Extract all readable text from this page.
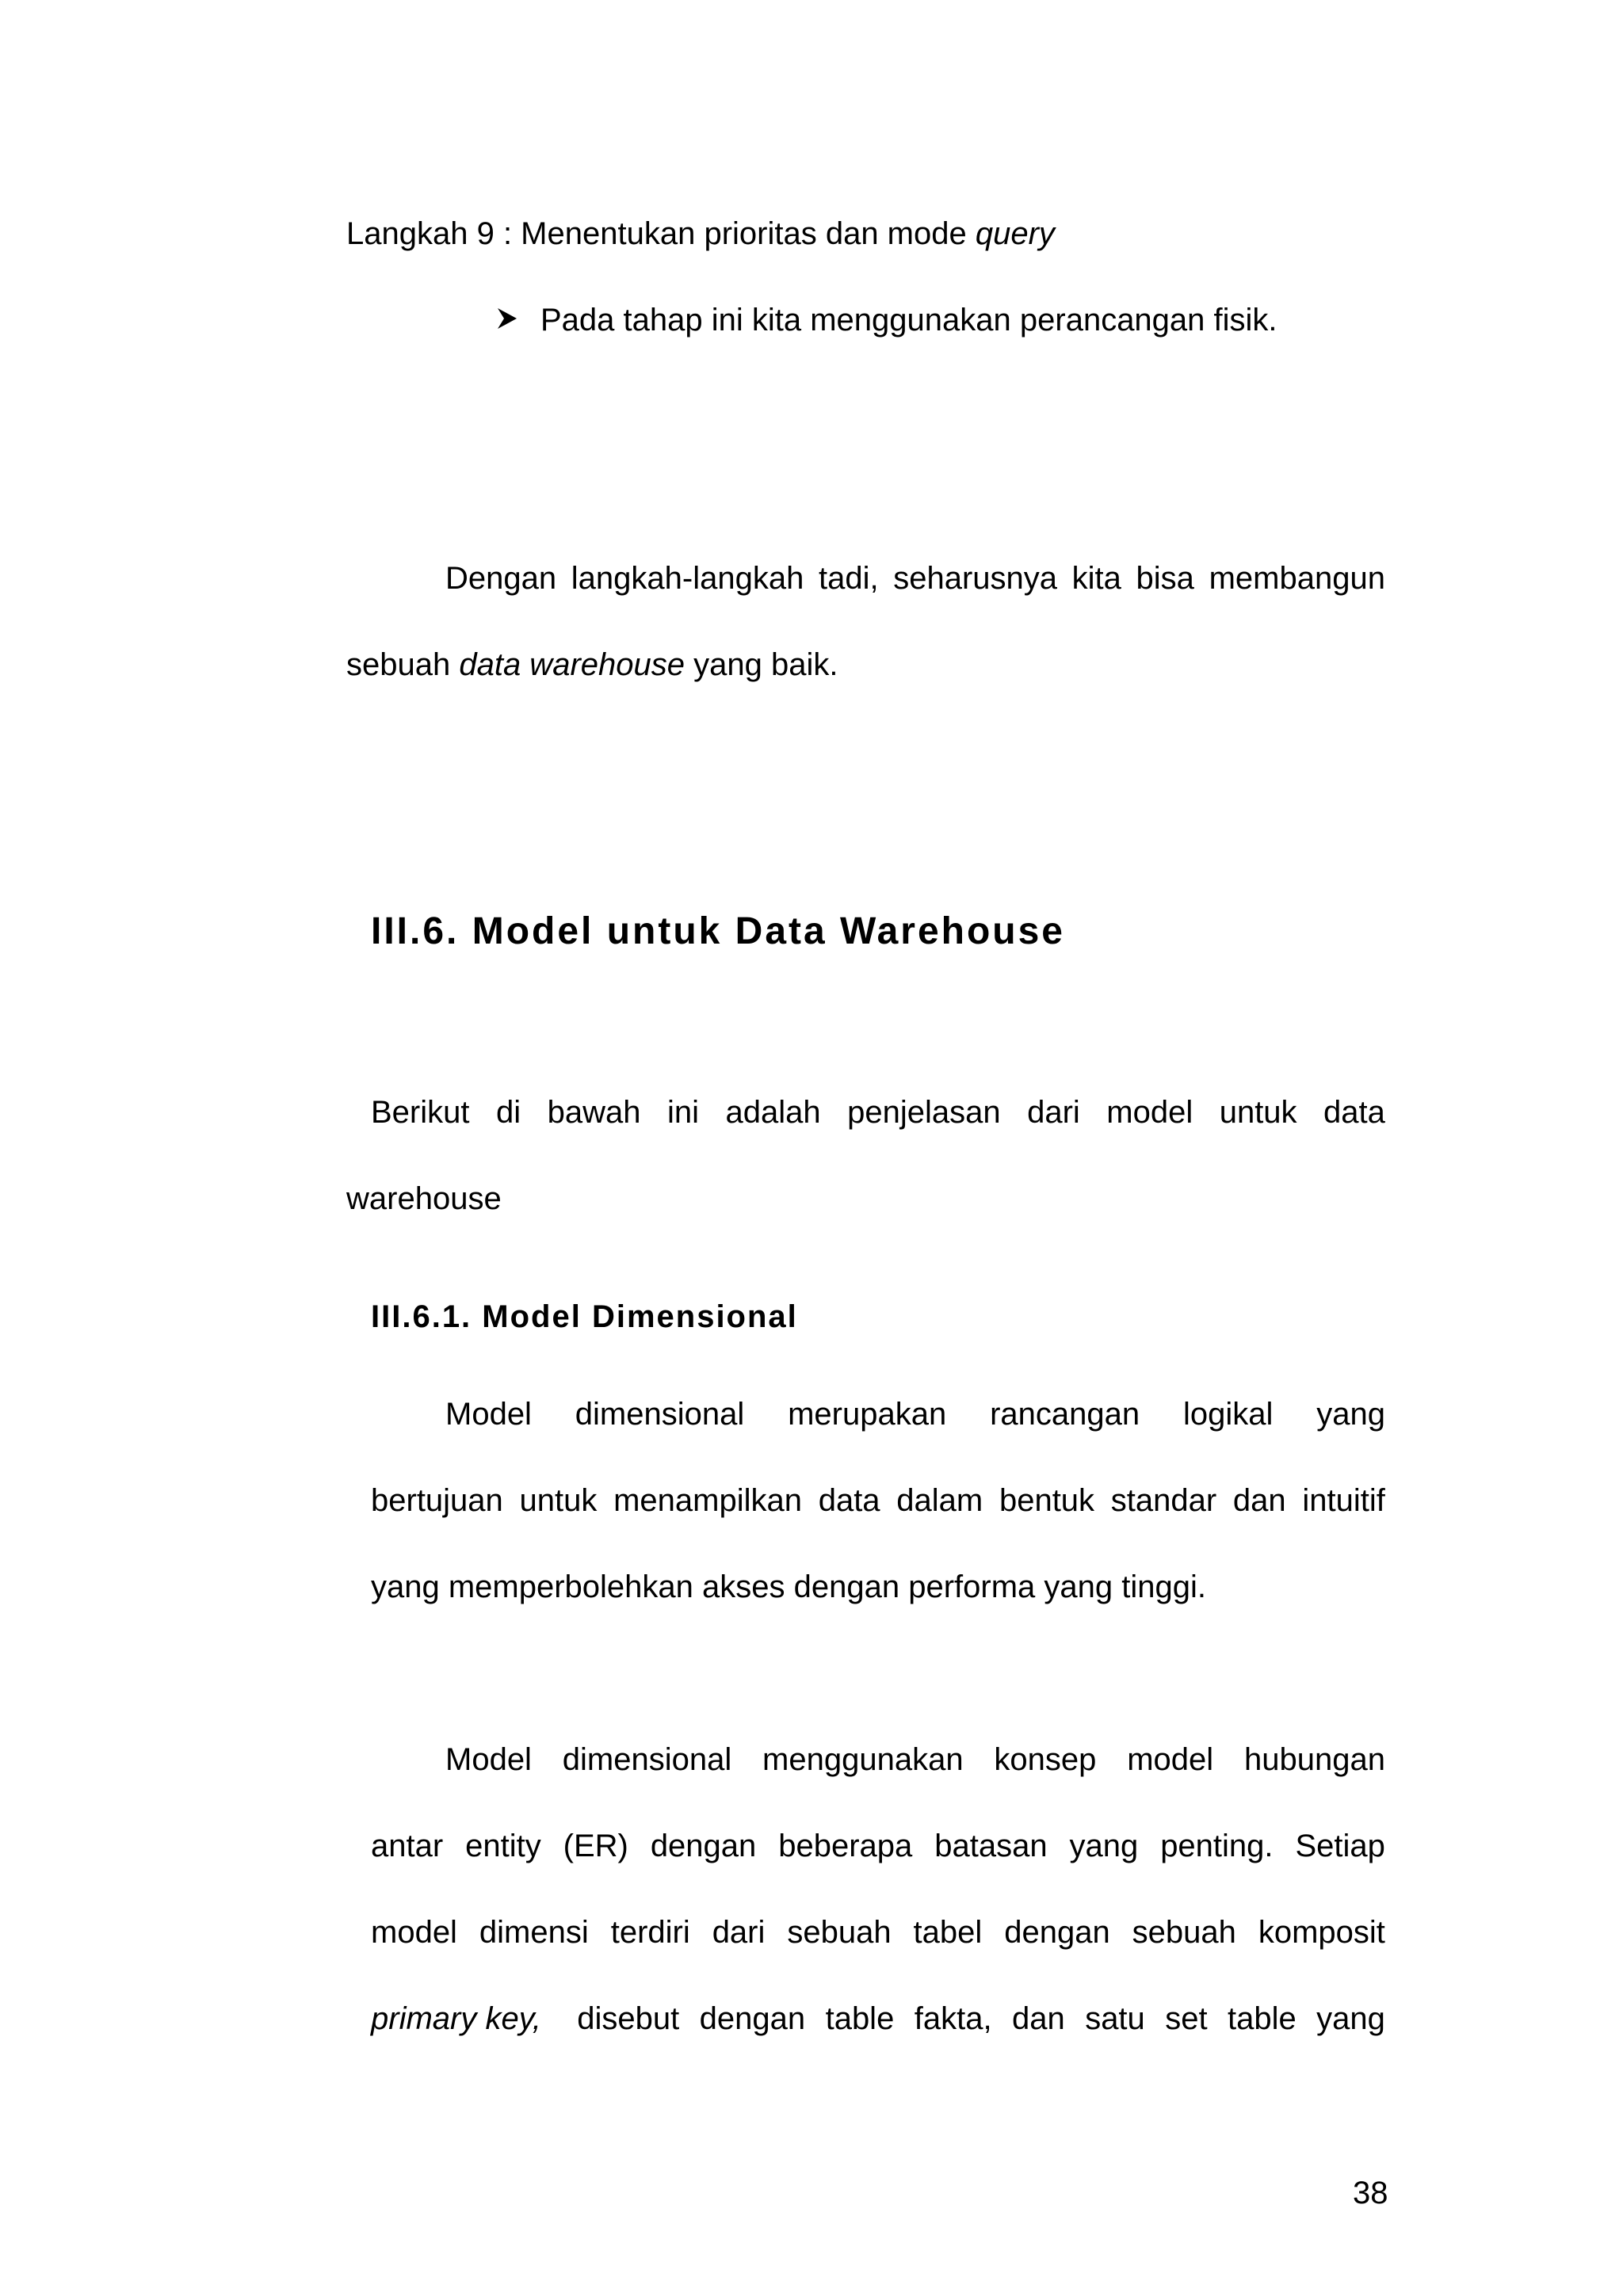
Langkah 9 : Menentukan prioritas dan mode query
Pada tahap ini kita menggunakan perancangan fisik.
Dengan langkah-langkah tadi, seharusnya kita bisa membangun
sebuah data warehouse yang baik.
III.6. Model untuk Data Warehouse
Berikut di bawah ini adalah penjelasan dari model untuk data
warehouse
III.6.1. Model Dimensional
Model dimensional merupakan rancangan logikal yang
bertujuan untuk menampilkan data dalam bentuk standar dan intuitif
yang memperbolehkan akses dengan performa yang tinggi.
Model dimensional menggunakan konsep model hubungan
antar entity (ER) dengan beberapa batasan yang penting. Setiap
model dimensi terdiri dari sebuah tabel dengan sebuah komposit
primary key, disebut dengan table fakta, dan satu set table yang
38
